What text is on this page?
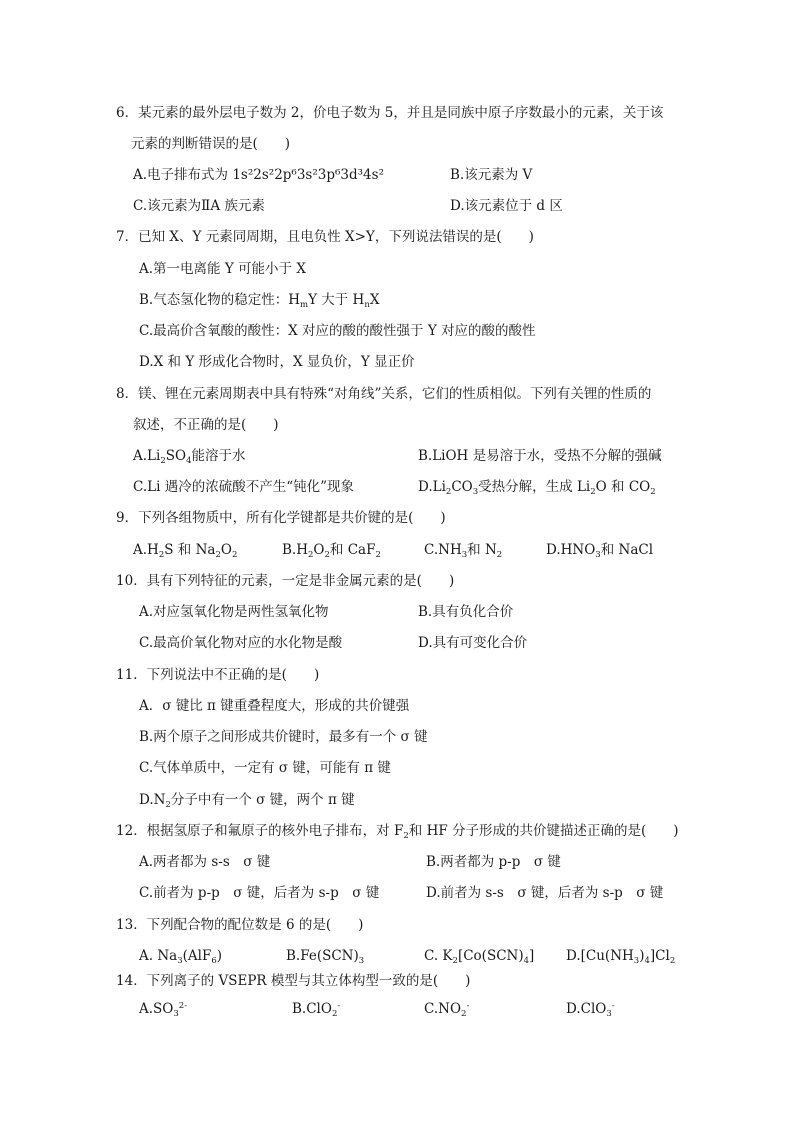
6．某元素的最外层电子数为 2，价电子数为 5，并且是同族中原子序数最小的元素，关于该
元素的判断错误的是(　　)
A.电子排布式为 1s²2s²2p⁶3s²3p⁶3d³4s²	B.该元素为 V
C.该元素为ⅡA 族元素	D.该元素位于 d 区
7．已知 X、Y 元素同周期，且电负性 X>Y，下列说法错误的是(　　)
A.第一电离能 Y 可能小于 X
B.气态氢化物的稳定性：$H_mY$ 大于 $H_nX$
C.最高价含氧酸的酸性：X 对应的酸的酸性强于 Y 对应的酸的酸性
D.X 和 Y 形成化合物时，X 显负价，Y 显正价
8．镁、锂在元素周期表中具有特殊“对角线”关系，它们的性质相似。下列有关锂的性质的
叙述，不正确的是(　　)
$A.Li_2SO_4$能溶于水	B.LiOH 是易溶于水，受热不分解的强碱
C.Li 遇冷的浓硫酸不产生“钝化”现象	$D.Li_2CO_3$受热分解，生成 $Li_2O$ 和 $CO_2$
9．下列各组物质中，所有化学键都是共价键的是(　　)
$A.H_2S$ 和 $Na_2O_2$	$B.H_2O_2$和 CaF$_2$	$C.NH_3$和 $N_2$	$D.HNO_3$和 NaCl
10．具有下列特征的元素，一定是非金属元素的是(　　)
A.对应氢氧化物是两性氢氧化物	B.具有负化合价
C.最高价氧化物对应的水化物是酸	D.具有可变化合价
11．下列说法中不正确的是(　　)
A．σ 键比 π 键重叠程度大，形成的共价键强
B.两个原子之间形成共价键时，最多有一个 σ 键
C.气体单质中，一定有 σ 键，可能有 π 键
$D.N_2$分子中有一个 σ 键，两个 π 键
12．根据氢原子和氟原子的核外电子排布，对 $F_2$和 HF 分子形成的共价键描述正确的是(　　)
A.两者都为 s-s　σ 键	B.两者都为 p-p　σ 键
C.前者为 p-p　σ 键，后者为 s-p　σ 键	D.前者为 s-s　σ 键，后者为 s-p　σ 键
13．下列配合物的配位数是 6 的是(　　)
A. $Na_3(AlF_6)$	$B.Fe(SCN)_3$	C. $K_2[Co(SCN)_4]$ $D.[Cu(NH_3)_4]Cl_2$
14．下列离子的 VSEPR 模型与其立体构型一致的是(　　)
$A.SO_3^{2-}$	B.ClO$_2$-	$C.NO_2^-$	D.ClO$_3$-
